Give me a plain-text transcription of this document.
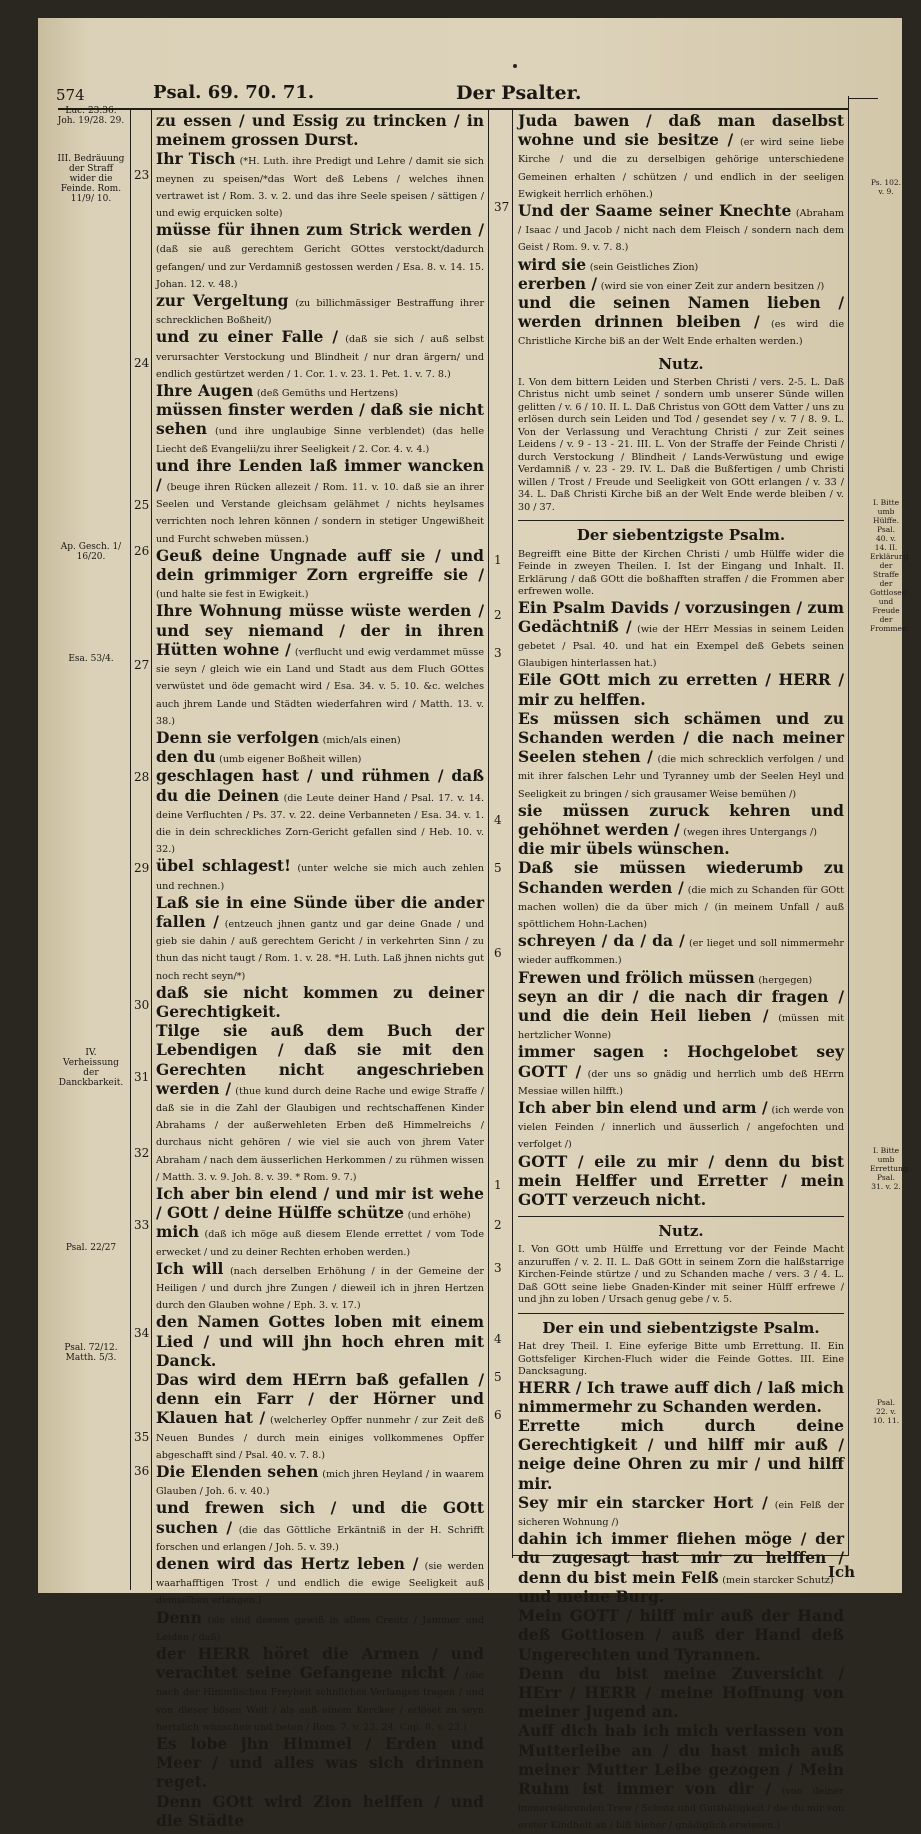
574	Psal. 69. 70. 71.	Der Psalter.
Luc. 23.36. Joh. 19/28. 29.
III. Bedräuung der Straff wider die Feinde. Rom. 11/9/ 10.
Ap. Gesch. 1/ 16/20.
Esa. 53/4.
IV. Verheissung der Danckbarkeit.
Psal. 22/27
Psal. 72/12. Matth. 5/3.
23
24
25
26
27
28
29
30
31
32
33
34
35
36

zu essen / und Essig zu trincken / in meinem grossen Durst.

Ihr Tisch (*H. Luth. ihre Predigt und Lehre / damit sie sich meynen zu speisen/*das Wort deß Lebens / welches ihnen vertrawet ist / Rom. 3. v. 2. und das ihre Seele speisen / sättigen / und ewig erquicken solte)

müsse für ihnen zum Strick werden / (daß sie auß gerechtem Gericht GOttes verstockt/dadurch gefangen/ und zur Verdamniß gestossen werden / Esa. 8. v. 14. 15. Johan. 12. v. 48.)

zur Vergeltung (zu billichmässiger Bestraffung ihrer schrecklichen Boßheit/)

und zu einer Falle / (daß sie sich / auß selbst verursachter Verstockung und Blindheit / nur dran ärgern/ und endlich gestürtzet werden / 1. Cor. 1. v. 23. 1. Pet. 1. v. 7. 8.)

Ihre Augen (deß Gemüths und Hertzens)

müssen finster werden / daß sie nicht sehen (und ihre unglaubige Sinne verblendet) (das helle Liecht deß Evangelii/zu ihrer Seeligkeit / 2. Cor. 4. v. 4.)

und ihre Lenden laß immer wancken / (beuge ihren Rücken allezeit / Rom. 11. v. 10. daß sie an ihrer Seelen und Verstande gleichsam gelähmet / nichts heylsames verrichten noch lehren können / sondern in stetiger Ungewißheit und Furcht schweben müssen.)

Geuß deine Ungnade auff sie / und dein grimmiger Zorn ergreiffe sie / (und halte sie fest in Ewigkeit.)

Ihre Wohnung müsse wüste werden / und sey niemand / der in ihren Hütten wohne / (verflucht und ewig verdammet müsse sie seyn / gleich wie ein Land und Stadt aus dem Fluch GOttes verwüstet und öde gemacht wird / Esa. 34. v. 5. 10. &c. welches auch jhrem Lande und Städten wiederfahren wird / Matth. 13. v. 38.)

Denn sie verfolgen (mich/als einen)

den du (umb eigener Boßheit willen)

geschlagen hast / und rühmen / daß du die Deinen (die Leute deiner Hand / Psal. 17. v. 14. deine Verfluchten / Ps. 37. v. 22. deine Verbanneten / Esa. 34. v. 1. die in dein schreckliches Zorn-Gericht gefallen sind / Heb. 10. v. 32.)

übel schlagest! (unter welche sie mich auch zehlen und rechnen.)

Laß sie in eine Sünde über die ander fallen / (entzeuch jhnen gantz und gar deine Gnade / und gieb sie dahin / auß gerechtem Gericht / in verkehrten Sinn / zu thun das nicht taugt / Rom. 1. v. 28. *H. Luth. Laß jhnen nichts gut noch recht seyn/*)

daß sie nicht kommen zu deiner Gerechtigkeit.

Tilge sie auß dem Buch der Lebendigen / daß sie mit den Gerechten nicht angeschrieben werden / (thue kund durch deine Rache und ewige Straffe / daß sie in die Zahl der Glaubigen und rechtschaffenen Kinder Abrahams / der außerwehleten Erben deß Himmelreichs / durchaus nicht gehören / wie viel sie auch von jhrem Vater Abraham / nach dem äusserlichen Herkommen / zu rühmen wissen / Matth. 3. v. 9. Joh. 8. v. 39. * Rom. 9. 7.)

Ich aber bin elend / und mir ist wehe / GOtt / deine Hülffe schütze (und erhöhe)

mich (daß ich möge auß diesem Elende errettet / vom Tode erwecket / und zu deiner Rechten erhoben werden.)

Ich will (nach derselben Erhöhung / in der Gemeine der Heiligen / und durch jhre Zungen / dieweil ich in jhren Hertzen durch den Glauben wohne / Eph. 3. v. 17.)

den Namen Gottes loben mit einem Lied / und will jhn hoch ehren mit Danck.

Das wird dem HErrn baß gefallen / denn ein Farr / der Hörner und Klauen hat / (welcherley Opffer nunmehr / zur Zeit deß Neuen Bundes / durch mein einiges vollkommenes Opffer abgeschafft sind / Psal. 40. v. 7. 8.)

Die Elenden sehen (mich jhren Heyland / in waarem Glauben / Joh. 6. v. 40.)

und frewen sich / und die GOtt suchen / (die das Göttliche Erkäntniß in der H. Schrifft forschen und erlangen / Joh. 5. v. 39.)

denen wird das Hertz leben / (sie werden waarhafftigen Trost / und endlich die ewige Seeligkeit auß demselben erlangen.)

Denn (sie sind dessen gewiß in allem Creutz / Jammer und Leiden / daß)

der HERR höret die Armen / und verachtet seine Gefangene nicht / (die nach der Himmlischen Freyheit sehnliches Verlangen tragen / und von dieser bösen Welt / als auß einem Kercker / erlöset zu seyn hertzlich wünschen und beten / Rom. 7. v. 23. 24. Cap. 8. v. 23.)

Es lobe jhn Himmel / Erden und Meer / und alles was sich drinnen reget.

Denn GOtt wird Zion helffen / und die Städte

37
1
2
3
4
5
6
1
2
3
4
5
6

Juda bawen / daß man daselbst wohne und sie besitze / (er wird seine liebe Kirche / und die zu derselbigen gehörige unterschiedene Gemeinen erhalten / schützen / und endlich in der seeligen Ewigkeit herrlich erhöhen.)

Und der Saame seiner Knechte (Abraham / Isaac / und Jacob / nicht nach dem Fleisch / sondern nach dem Geist / Rom. 9. v. 7. 8.)

wird sie (sein Geistliches Zion)

ererben / (wird sie von einer Zeit zur andern besitzen /)

und die seinen Namen lieben / werden drinnen bleiben / (es wird die Christliche Kirche biß an der Welt Ende erhalten werden.)

Nutz.

I. Von dem bittern Leiden und Sterben Christi / vers. 2-5. L. Daß Christus nicht umb seinet / sondern umb unserer Sünde willen gelitten / v. 6 / 10. II. L. Daß Christus von GOtt dem Vatter / uns zu erlösen durch sein Leiden und Tod / gesendet sey / v. 7 / 8. 9. L. Von der Verlassung und Verachtung Christi / zur Zeit seines Leidens / v. 9 - 13 - 21. III. L. Von der Straffe der Feinde Christi / durch Verstockung / Blindheit / Lands-Verwüstung und ewige Verdamniß / v. 23 - 29. IV. L. Daß die Bußfertigen / umb Christi willen / Trost / Freude und Seeligkeit von GOtt erlangen / v. 33 / 34. L. Daß Christi Kirche biß an der Welt Ende werde bleiben / v. 30 / 37.

Der siebentzigste Psalm.

Begreifft eine Bitte der Kirchen Christi / umb Hülffe wider die Feinde in zweyen Theilen. I. Ist der Eingang und Inhalt. II. Erklärung / daß GOtt die boßhafften straffen / die Frommen aber erfrewen wolle.

Ein Psalm Davids / vorzusingen / zum Gedächtniß / (wie der HErr Messias in seinem Leiden gebetet / Psal. 40. und hat ein Exempel deß Gebets seinen Glaubigen hinterlassen hat.)

Eile GOtt mich zu erretten / HERR / mir zu helffen.

Es müssen sich schämen und zu Schanden werden / die nach meiner Seelen stehen / (die mich schrecklich verfolgen / und mit ihrer falschen Lehr und Tyranney umb der Seelen Heyl und Seeligkeit zu bringen / sich grausamer Weise bemühen /)

sie müssen zuruck kehren und gehöhnet werden / (wegen ihres Untergangs /)

die mir übels wünschen.

Daß sie müssen wiederumb zu Schanden werden / (die mich zu Schanden für GOtt machen wollen) die da über mich / (in meinem Unfall / auß spöttlichem Hohn-Lachen)

schreyen / da / da / (er lieget und soll nimmermehr wieder auffkommen.)

Frewen und frölich müssen (hergegen)

seyn an dir / die nach dir fragen / und die dein Heil lieben / (müssen mit hertzlicher Wonne)

immer sagen : Hochgelobet sey GOTT / (der uns so gnädig und herrlich umb deß HErrn Messiae willen hilfft.)

Ich aber bin elend und arm / (ich werde von vielen Feinden / innerlich und äusserlich / angefochten und verfolget /)

GOTT / eile zu mir / denn du bist mein Helffer und Erretter / mein GOTT verzeuch nicht.

Nutz.

I. Von GOtt umb Hülffe und Errettung vor der Feinde Macht anzuruffen / v. 2. II. L. Daß GOtt in seinem Zorn die halßstarrige Kirchen-Feinde stürtze / und zu Schanden mache / vers. 3 / 4. L. Daß GOtt seine liebe Gnaden-Kinder mit seiner Hülff erfrewe / und jhn zu loben / Ursach genug gebe / v. 5.

Der ein und siebentzigste Psalm.

Hat drey Theil. I. Eine eyferige Bitte umb Errettung. II. Ein Gottsfeliger Kirchen-Fluch wider die Feinde Gottes. III. Eine Dancksagung.

HERR / Ich trawe auff dich / laß mich nimmermehr zu Schanden werden.

Errette mich durch deine Gerechtigkeit / und hilff mir auß / neige deine Ohren zu mir / und hilff mir.

Sey mir ein starcker Hort / (ein Felß der sicheren Wohnung /)

dahin ich immer fliehen möge / der du zugesagt hast mir zu helffen / denn du bist mein Felß (mein starcker Schutz)

und meine Burg.

Mein GOTT / hilff mir auß der Hand deß Gottlosen / auß der Hand deß Ungerechten und Tyrannen.

Denn du bist meine Zuversicht / HErr / HERR / meine Hoffnung von meiner Jugend an.

Auff dich hab ich mich verlassen von Mutterleibe an / du hast mich auß meiner Mutter Leibe gezogen / Mein Ruhm ist immer von dir / (von deiner immerwährenden Trew / Schutz und Gutthätigkeit / die du mir von erster Kindheit an / biß hieher / gnädiglich erwiesen.)

Ps. 102. v. 9.
I. Bitte umb Hülffe. Psal. 40. v. 14. II. Erklärung der Straffe der Gottlosen und Freude der Frommen.
I. Bitte umb Errettung. Psal. 31. v. 2.
Psal. 22. v. 10. 11.
Ich
